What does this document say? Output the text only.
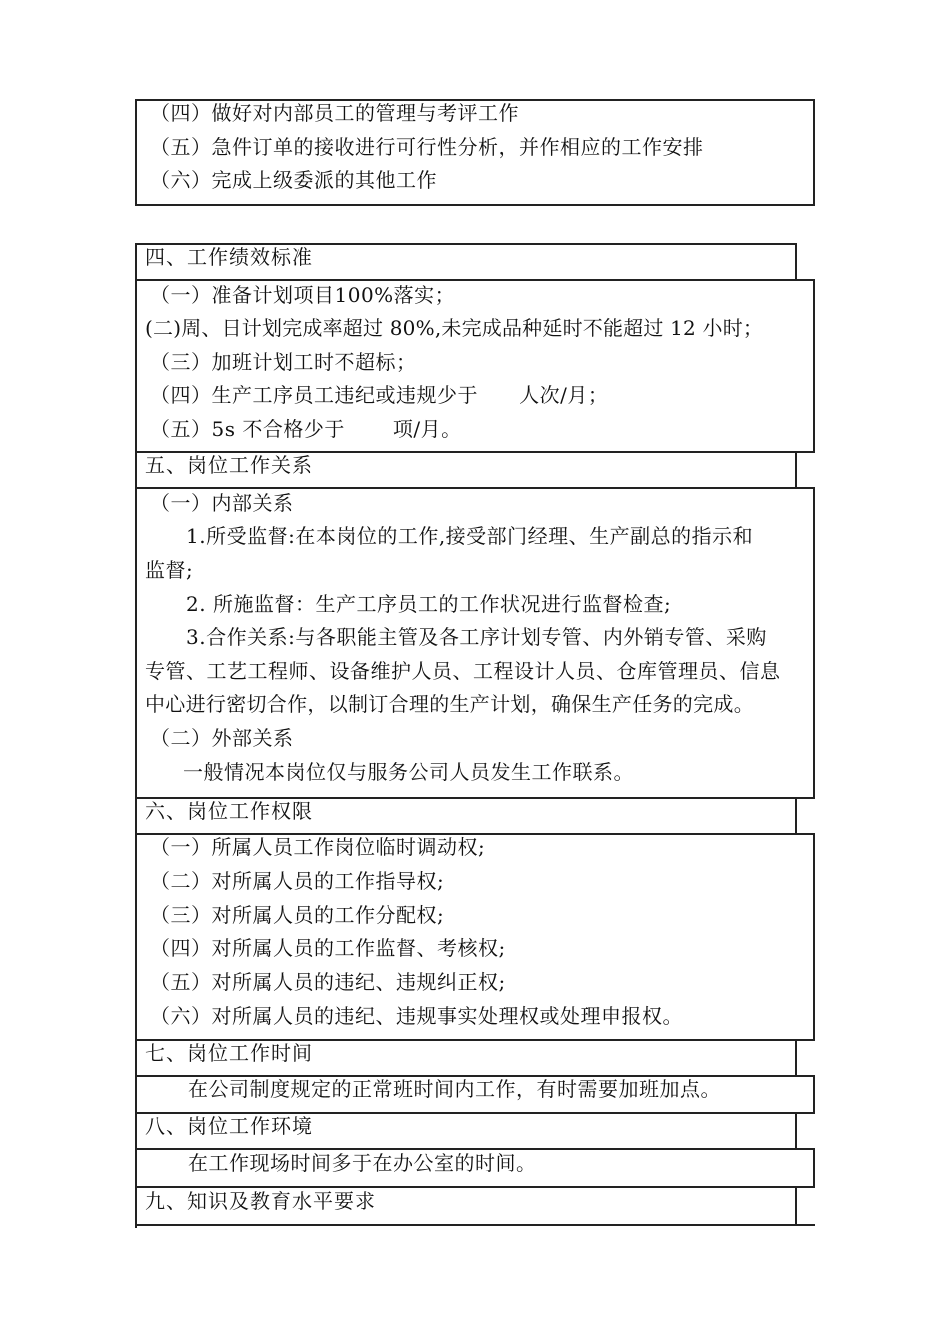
（四）做好对内部员工的管理与考评工作
（五）急件订单的接收进行可行性分析，并作相应的工作安排
（六）完成上级委派的其他工作
四、工作绩效标准
（一）准备计划项目100%落实；
(二)周、日计划完成率超过 80%,未完成品种延时不能超过 12 小时；
（三）加班计划工时不超标；
（四）生产工序员工违纪或违规少于      人次/月；
（五）5s 不合格少于       项/月。
五、岗位工作关系
（一）内部关系
1.所受监督:在本岗位的工作,接受部门经理、生产副总的指示和
监督;
2. 所施监督：生产工序员工的工作状况进行监督检查;
3.合作关系:与各职能主管及各工序计划专管、内外销专管、采购
专管、工艺工程师、设备维护人员、工程设计人员、仓库管理员、信息
中心进行密切合作，以制订合理的生产计划，确保生产任务的完成。
（二）外部关系
一般情况本岗位仅与服务公司人员发生工作联系。
六、岗位工作权限
（一）所属人员工作岗位临时调动权;
（二）对所属人员的工作指导权;
（三）对所属人员的工作分配权;
（四）对所属人员的工作监督、考核权;
（五）对所属人员的违纪、违规纠正权;
（六）对所属人员的违纪、违规事实处理权或处理申报权。
七、岗位工作时间
在公司制度规定的正常班时间内工作，有时需要加班加点。
八、岗位工作环境
在工作现场时间多于在办公室的时间。
九、知识及教育水平要求
